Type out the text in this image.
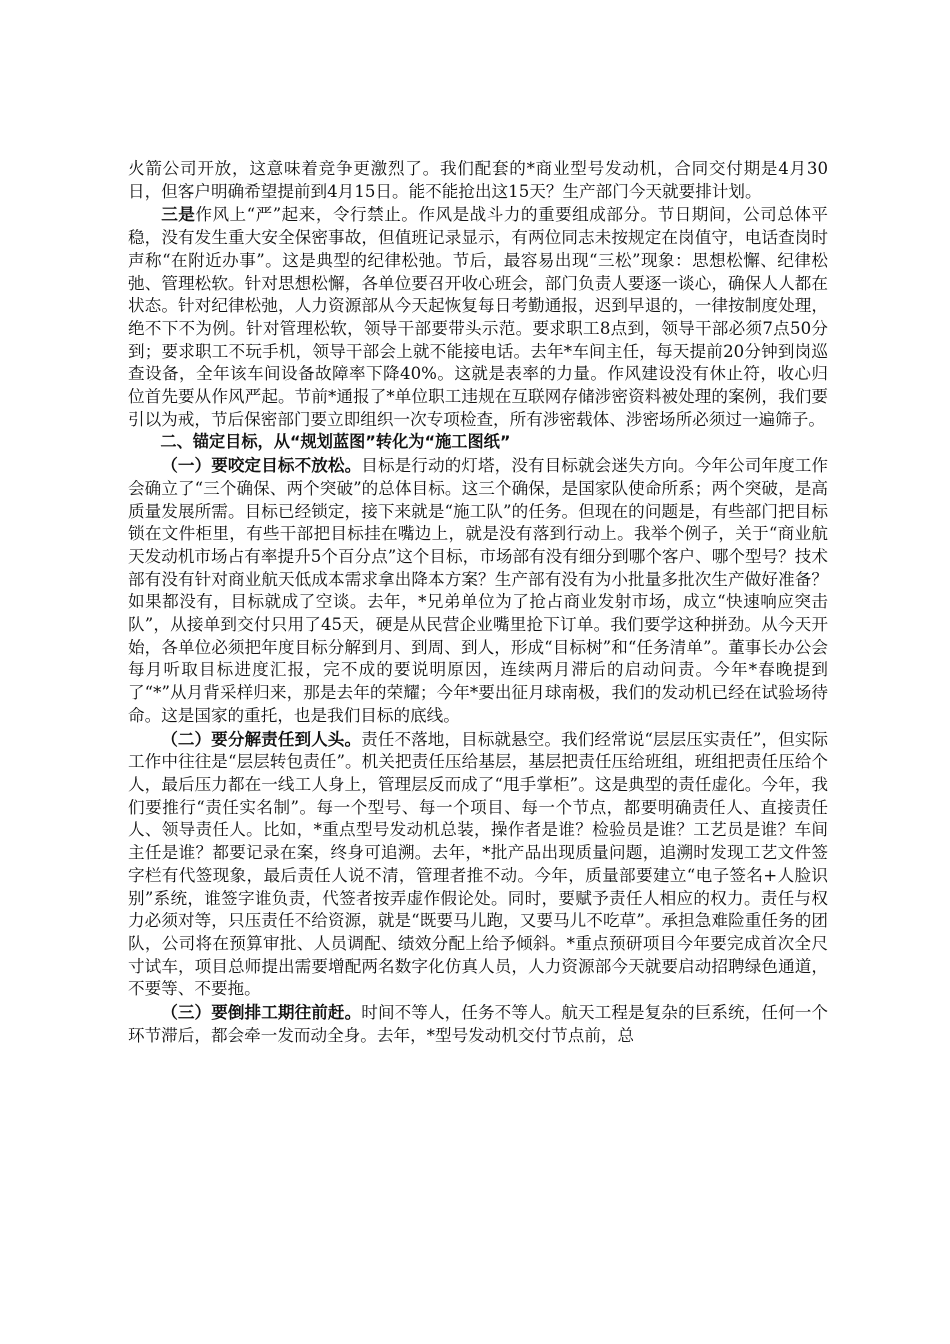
火箭公司开放，这意味着竞争更激烈了。我们配套的*商业型号发动机，合同交付期是4月30日，但客户明确希望提前到4月15日。能不能抢出这15天？生产部门今天就要排计划。

三是作风上“严”起来，令行禁止。作风是战斗力的重要组成部分。节日期间，公司总体平稳，没有发生重大安全保密事故，但值班记录显示，有两位同志未按规定在岗值守，电话查岗时声称“在附近办事”。这是典型的纪律松弛。节后，最容易出现“三松”现象：思想松懈、纪律松弛、管理松软。针对思想松懈，各单位要召开收心班会，部门负责人要逐一谈心，确保人人都在状态。针对纪律松弛，人力资源部从今天起恢复每日考勤通报，迟到早退的，一律按制度处理，绝不下不为例。针对管理松软，领导干部要带头示范。要求职工8点到，领导干部必须7点50分到；要求职工不玩手机，领导干部会上就不能接电话。去年*车间主任，每天提前20分钟到岗巡查设备，全年该车间设备故障率下降40%。这就是表率的力量。作风建设没有休止符，收心归位首先要从作风严起。节前*通报了*单位职工违规在互联网存储涉密资料被处理的案例，我们要引以为戒，节后保密部门要立即组织一次专项检查，所有涉密载体、涉密场所必须过一遍筛子。

二、锚定目标，从“规划蓝图”转化为“施工图纸”

（一）要咬定目标不放松。目标是行动的灯塔，没有目标就会迷失方向。今年公司年度工作会确立了“三个确保、两个突破”的总体目标。这三个确保，是国家队使命所系；两个突破，是高质量发展所需。目标已经锁定，接下来就是“施工队”的任务。但现在的问题是，有些部门把目标锁在文件柜里，有些干部把目标挂在嘴边上，就是没有落到行动上。我举个例子，关于“商业航天发动机市场占有率提升5个百分点”这个目标，市场部有没有细分到哪个客户、哪个型号？技术部有没有针对商业航天低成本需求拿出降本方案？生产部有没有为小批量多批次生产做好准备？如果都没有，目标就成了空谈。去年，*兄弟单位为了抢占商业发射市场，成立“快速响应突击队”，从接单到交付只用了45天，硬是从民营企业嘴里抢下订单。我们要学这种拼劲。从今天开始，各单位必须把年度目标分解到月、到周、到人，形成“目标树”和“任务清单”。董事长办公会每月听取目标进度汇报，完不成的要说明原因，连续两月滞后的启动问责。今年*春晚提到了“*”从月背采样归来，那是去年的荣耀；今年*要出征月球南极，我们的发动机已经在试验场待命。这是国家的重托，也是我们目标的底线。

（二）要分解责任到人头。责任不落地，目标就悬空。我们经常说“层层压实责任”，但实际工作中往往是“层层转包责任”。机关把责任压给基层，基层把责任压给班组，班组把责任压给个人，最后压力都在一线工人身上，管理层反而成了“甩手掌柜”。这是典型的责任虚化。今年，我们要推行“责任实名制”。每一个型号、每一个项目、每一个节点，都要明确责任人、直接责任人、领导责任人。比如，*重点型号发动机总装，操作者是谁？检验员是谁？工艺员是谁？车间主任是谁？都要记录在案，终身可追溯。去年，*批产品出现质量问题，追溯时发现工艺文件签字栏有代签现象，最后责任人说不清，管理者推不动。今年，质量部要建立“电子签名+人脸识别”系统，谁签字谁负责，代签者按弄虚作假论处。同时，要赋予责任人相应的权力。责任与权力必须对等，只压责任不给资源，就是“既要马儿跑，又要马儿不吃草”。承担急难险重任务的团队，公司将在预算审批、人员调配、绩效分配上给予倾斜。*重点预研项目今年要完成首次全尺寸试车，项目总师提出需要增配两名数字化仿真人员，人力资源部今天就要启动招聘绿色通道，不要等、不要拖。

（三）要倒排工期往前赶。时间不等人，任务不等人。航天工程是复杂的巨系统，任何一个环节滞后，都会牵一发而动全身。去年，*型号发动机交付节点前，总
